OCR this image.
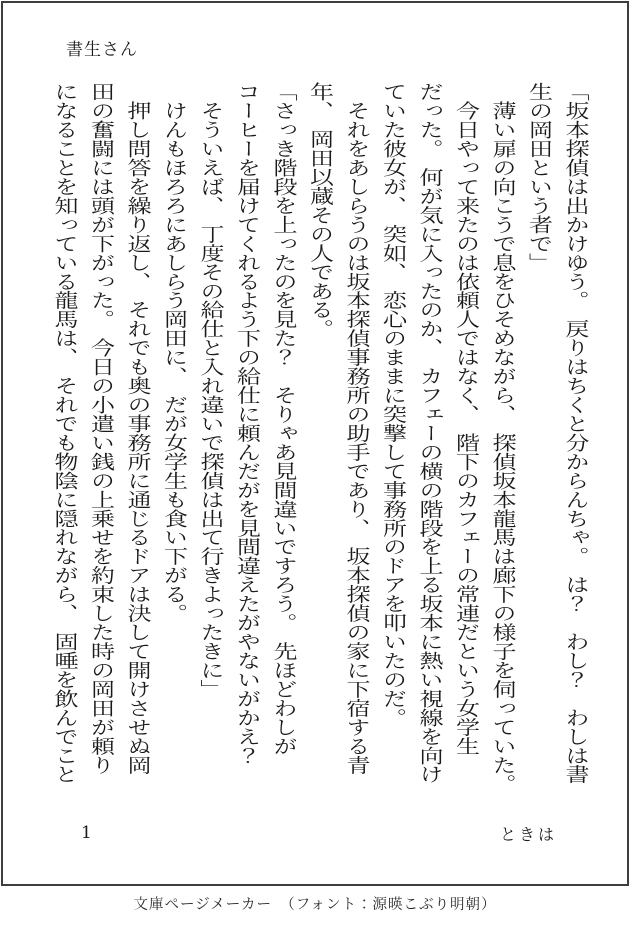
書生さん
「坂本探偵は出かけゆう。　戻りはちくと分からんちゃ。　は？　わし？　わしは書
生の岡田という者で」
　薄い扉の向こうで息をひそめながら、　探偵坂本龍馬は廊下の様子を伺っていた。
　今日やって来たのは依頼人ではなく、　階下のカフェーの常連だという女学生
だった。　何が気に入ったのか、　カフェーの横の階段を上る坂本に熱い視線を向け
ていた彼女が、　突如、　恋心のままに突撃して事務所のドアを叩いたのだ。
　それをあしらうのは坂本探偵事務所の助手であり、　坂本探偵の家に下宿する青
年、　岡田以蔵その人である。
「さっき階段を上ったのを見た？　そりゃあ見間違いですろう。　先ほどわしが
コーヒーを届けてくれるよう下の給仕に頼んだがを見間違えたがやないがかえ？
　そういえば、　丁度その給仕と入れ違いで探偵は出て行きよったきに」
　けんもほろろにあしらう岡田に、　だが女学生も食い下がる。
　押し問答を繰り返し、　それでも奥の事務所に通じるドアは決して開けさせぬ岡
田の奮闘には頭が下がった。　今日の小遣い銭の上乗せを約束した時の岡田が頼り
になることを知っている龍馬は、　それでも物陰に隠れながら、　固唾を飲んでこと
1	ときは
文庫ページメーカー　（フォント：源暎こぶり明朝）
